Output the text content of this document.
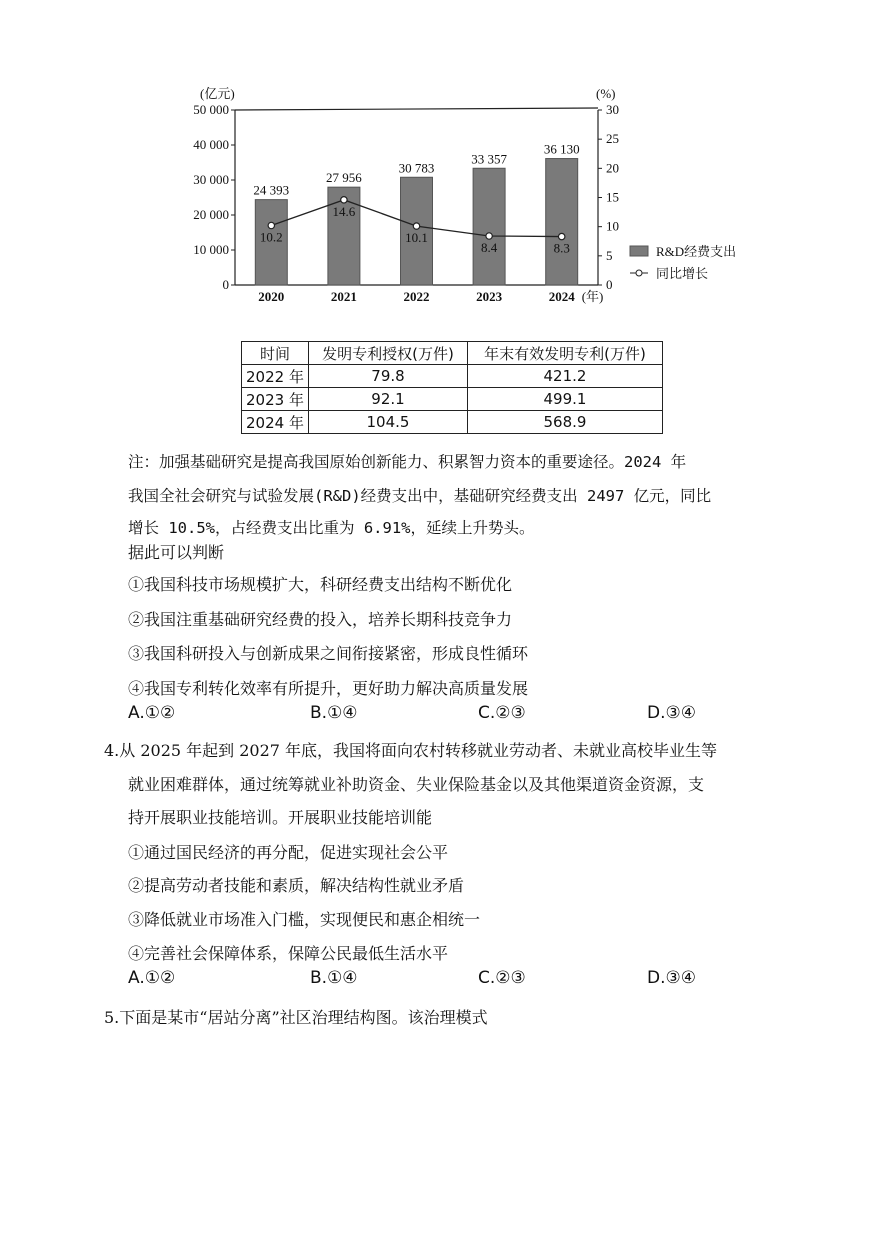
(亿元)	(%)
0
10 000
20 000
30 000
40 000
50 000
0
5
10
15
20
25
30
24 393
27 956
30 783
33 357
36 130
10.2
14.6
10.1
8.4	8.3
2020	2021	2022	2023	2024 (年)
R&D经费支出
同比增长
时间	发明专利授权(万件)	年末有效发明专利(万件)
2022 年	79.8	421.2
2023 年	92.1	499.1
2024 年	104.5	568.9
注：加强基础研究是提高我国原始创新能力、积累智力资本的重要途径。2024 年
我国全社会研究与试验发展(R&D)经费支出中，基础研究经费支出 2497 亿元，同比
增长 10.5%，占经费支出比重为 6.91%，延续上升势头。
据此可以判断
①我国科技市场规模扩大，科研经费支出结构不断优化
②我国注重基础研究经费的投入，培养长期科技竞争力
③我国科研投入与创新成果之间衔接紧密，形成良性循环
④我国专利转化效率有所提升，更好助力解决高质量发展
A.①②	B.①④	C.②③	D.③④
4.从 2025 年起到 2027 年底，我国将面向农村转移就业劳动者、未就业高校毕业生等
就业困难群体，通过统筹就业补助资金、失业保险基金以及其他渠道资金资源，支
持开展职业技能培训。开展职业技能培训能
①通过国民经济的再分配，促进实现社会公平
②提高劳动者技能和素质，解决结构性就业矛盾
③降低就业市场准入门槛，实现便民和惠企相统一
④完善社会保障体系，保障公民最低生活水平
A.①②	B.①④	C.②③	D.③④
5.下面是某市“居站分离”社区治理结构图。该治理模式
